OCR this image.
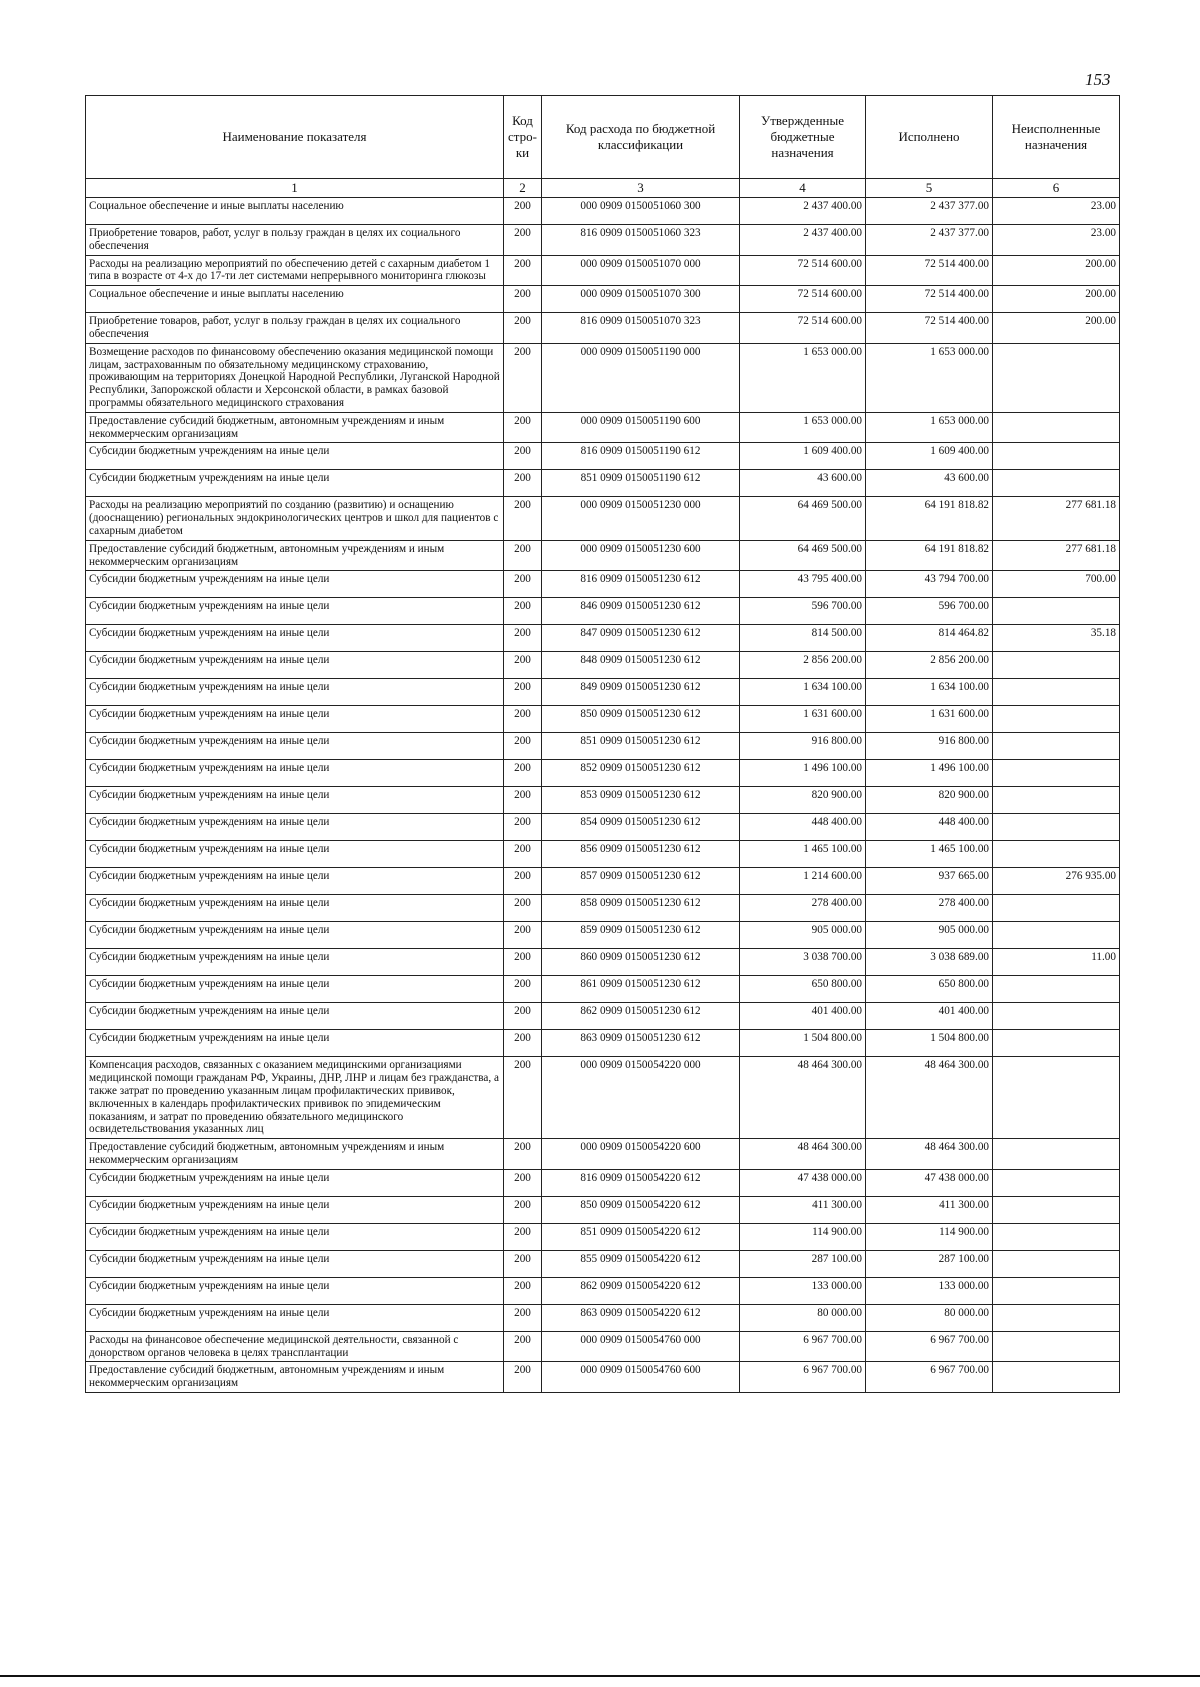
153
Наименование показателя	Код стро-ки	Код расхода по бюджетной классификации	Утвержденные бюджетные назначения	Исполнено	Неисполненные назначения
1	2	3	4	5	6
Социальное обеспечение и иные выплаты населению	200	000 0909 0150051060 300	2 437 400.00	2 437 377.00	23.00
Приобретение товаров, работ, услуг в пользу граждан в целях их социального обеспечения	200	816 0909 0150051060 323	2 437 400.00	2 437 377.00	23.00
Расходы на реализацию мероприятий по обеспечению детей с сахарным диабетом 1 типа в возрасте от 4-х до 17-ти лет системами непрерывного мониторинга глюкозы	200	000 0909 0150051070 000	72 514 600.00	72 514 400.00	200.00
Социальное обеспечение и иные выплаты населению	200	000 0909 0150051070 300	72 514 600.00	72 514 400.00	200.00
Приобретение товаров, работ, услуг в пользу граждан в целях их социального обеспечения	200	816 0909 0150051070 323	72 514 600.00	72 514 400.00	200.00
Возмещение расходов по финансовому обеспечению оказания медицинской помощи лицам, застрахованным по обязательному медицинскому страхованию, проживающим на территориях Донецкой Народной Республики, Луганской Народной Республики, Запорожской области и Херсонской области, в рамках базовой программы обязательного медицинского страхования	200	000 0909 0150051190 000	1 653 000.00	1 653 000.00	
Предоставление субсидий бюджетным, автономным учреждениям и иным некоммерческим организациям	200	000 0909 0150051190 600	1 653 000.00	1 653 000.00	
Субсидии бюджетным учреждениям на иные цели	200	816 0909 0150051190 612	1 609 400.00	1 609 400.00	
Субсидии бюджетным учреждениям на иные цели	200	851 0909 0150051190 612	43 600.00	43 600.00	
Расходы на реализацию мероприятий по созданию (развитию) и оснащению (дооснащению) региональных эндокринологических центров и школ для пациентов с сахарным диабетом	200	000 0909 0150051230 000	64 469 500.00	64 191 818.82	277 681.18
Предоставление субсидий бюджетным, автономным учреждениям и иным некоммерческим организациям	200	000 0909 0150051230 600	64 469 500.00	64 191 818.82	277 681.18
Субсидии бюджетным учреждениям на иные цели	200	816 0909 0150051230 612	43 795 400.00	43 794 700.00	700.00
Субсидии бюджетным учреждениям на иные цели	200	846 0909 0150051230 612	596 700.00	596 700.00	
Субсидии бюджетным учреждениям на иные цели	200	847 0909 0150051230 612	814 500.00	814 464.82	35.18
Субсидии бюджетным учреждениям на иные цели	200	848 0909 0150051230 612	2 856 200.00	2 856 200.00	
Субсидии бюджетным учреждениям на иные цели	200	849 0909 0150051230 612	1 634 100.00	1 634 100.00	
Субсидии бюджетным учреждениям на иные цели	200	850 0909 0150051230 612	1 631 600.00	1 631 600.00	
Субсидии бюджетным учреждениям на иные цели	200	851 0909 0150051230 612	916 800.00	916 800.00	
Субсидии бюджетным учреждениям на иные цели	200	852 0909 0150051230 612	1 496 100.00	1 496 100.00	
Субсидии бюджетным учреждениям на иные цели	200	853 0909 0150051230 612	820 900.00	820 900.00	
Субсидии бюджетным учреждениям на иные цели	200	854 0909 0150051230 612	448 400.00	448 400.00	
Субсидии бюджетным учреждениям на иные цели	200	856 0909 0150051230 612	1 465 100.00	1 465 100.00	
Субсидии бюджетным учреждениям на иные цели	200	857 0909 0150051230 612	1 214 600.00	937 665.00	276 935.00
Субсидии бюджетным учреждениям на иные цели	200	858 0909 0150051230 612	278 400.00	278 400.00	
Субсидии бюджетным учреждениям на иные цели	200	859 0909 0150051230 612	905 000.00	905 000.00	
Субсидии бюджетным учреждениям на иные цели	200	860 0909 0150051230 612	3 038 700.00	3 038 689.00	11.00
Субсидии бюджетным учреждениям на иные цели	200	861 0909 0150051230 612	650 800.00	650 800.00	
Субсидии бюджетным учреждениям на иные цели	200	862 0909 0150051230 612	401 400.00	401 400.00	
Субсидии бюджетным учреждениям на иные цели	200	863 0909 0150051230 612	1 504 800.00	1 504 800.00	
Компенсация расходов, связанных с оказанием медицинскими организациями медицинской помощи гражданам РФ, Украины, ДНР, ЛНР и лицам без гражданства, а также затрат по проведению указанным лицам профилактических прививок, включенных в календарь профилактических прививок по эпидемическим показаниям, и затрат по проведению обязательного медицинского освидетельствования указанных лиц	200	000 0909 0150054220 000	48 464 300.00	48 464 300.00	
Предоставление субсидий бюджетным, автономным учреждениям и иным некоммерческим организациям	200	000 0909 0150054220 600	48 464 300.00	48 464 300.00	
Субсидии бюджетным учреждениям на иные цели	200	816 0909 0150054220 612	47 438 000.00	47 438 000.00	
Субсидии бюджетным учреждениям на иные цели	200	850 0909 0150054220 612	411 300.00	411 300.00	
Субсидии бюджетным учреждениям на иные цели	200	851 0909 0150054220 612	114 900.00	114 900.00	
Субсидии бюджетным учреждениям на иные цели	200	855 0909 0150054220 612	287 100.00	287 100.00	
Субсидии бюджетным учреждениям на иные цели	200	862 0909 0150054220 612	133 000.00	133 000.00	
Субсидии бюджетным учреждениям на иные цели	200	863 0909 0150054220 612	80 000.00	80 000.00	
Расходы на финансовое обеспечение медицинской деятельности, связанной с донорством органов человека в целях трансплантации	200	000 0909 0150054760 000	6 967 700.00	6 967 700.00	
Предоставление субсидий бюджетным, автономным учреждениям и иным некоммерческим организациям	200	000 0909 0150054760 600	6 967 700.00	6 967 700.00	
